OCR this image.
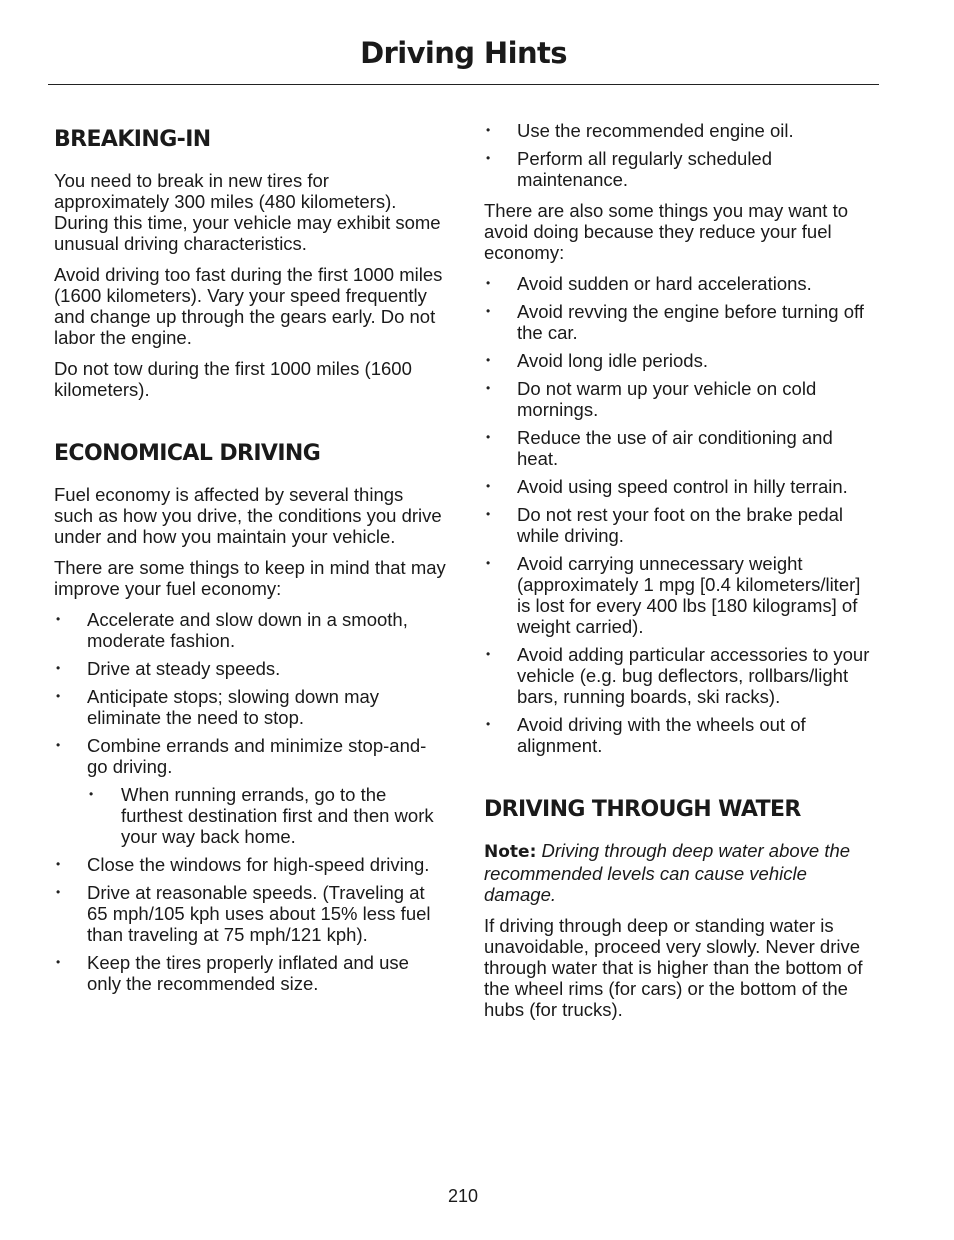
Driving Hints
BREAKING-IN

You need to break in new tires for approximately 300 miles (480 kilometers). During this time, your vehicle may exhibit some unusual driving characteristics.

Avoid driving too fast during the first 1000 miles (1600 kilometers). Vary your speed frequently and change up through the gears early. Do not labor the engine.

Do not tow during the first 1000 miles (1600 kilometers).

ECONOMICAL DRIVING

Fuel economy is affected by several things such as how you drive, the conditions you drive under and how you maintain your vehicle.

There are some things to keep in mind that may improve your fuel economy:

• Accelerate and slow down in a smooth, moderate fashion.
• Drive at steady speeds.
• Anticipate stops; slowing down may eliminate the need to stop.
• Combine errands and minimize stop-and-go driving.
• When running errands, go to the furthest destination first and then work your way back home.
• Close the windows for high-speed driving.
• Drive at reasonable speeds. (Traveling at 65 mph/105 kph uses about 15% less fuel than traveling at 75 mph/121 kph).
• Keep the tires properly inflated and use only the recommended size.
• Use the recommended engine oil.
• Perform all regularly scheduled maintenance.

There are also some things you may want to avoid doing because they reduce your fuel economy:

• Avoid sudden or hard accelerations.
• Avoid revving the engine before turning off the car.
• Avoid long idle periods.
• Do not warm up your vehicle on cold mornings.
• Reduce the use of air conditioning and heat.
• Avoid using speed control in hilly terrain.
• Do not rest your foot on the brake pedal while driving.
• Avoid carrying unnecessary weight (approximately 1 mpg [0.4 kilometers/liter] is lost for every 400 lbs [180 kilograms] of weight carried).
• Avoid adding particular accessories to your vehicle (e.g. bug deflectors, rollbars/light bars, running boards, ski racks).
• Avoid driving with the wheels out of alignment.
DRIVING THROUGH WATER

Note: Driving through deep water above the recommended levels can cause vehicle damage.

If driving through deep or standing water is unavoidable, proceed very slowly. Never drive through water that is higher than the bottom of the wheel rims (for cars) or the bottom of the hubs (for trucks).

210
